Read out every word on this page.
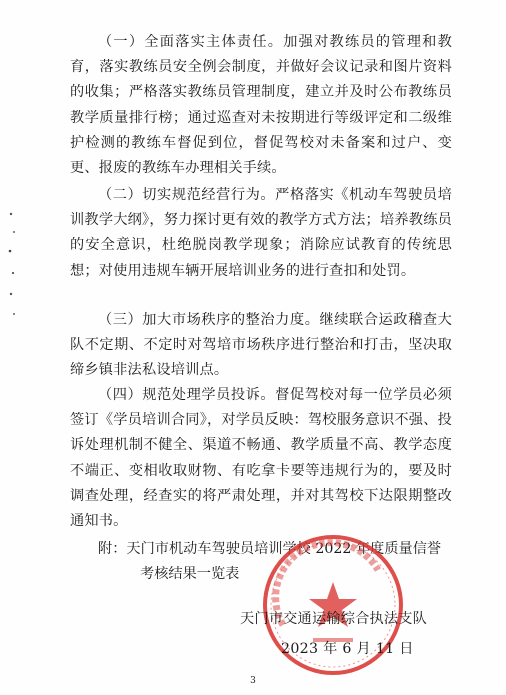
（一）全面落实主体责任。加强对教练员的管理和教育，落实教练员安全例会制度，并做好会议记录和图片资料的收集；严格落实教练员管理制度，建立并及时公布教练员教学质量排行榜；通过巡查对未按期进行等级评定和二级维护检测的教练车督促到位，督促驾校对未备案和过户、变更、报废的教练车办理相关手续。

（二）切实规范经营行为。严格落实《机动车驾驶员培训教学大纲》，努力探讨更有效的教学方式方法；培养教练员的安全意识，杜绝脱岗教学现象；消除应试教育的传统思想；对使用违规车辆开展培训业务的进行查扣和处罚。

（三）加大市场秩序的整治力度。继续联合运政稽查大队不定期、不定时对驾培市场秩序进行整治和打击，坚决取缔乡镇非法私设培训点。

（四）规范处理学员投诉。督促驾校对每一位学员必须签订《学员培训合同》，对学员反映：驾校服务意识不强、投诉处理机制不健全、渠道不畅通、教学质量不高、教学态度不端正、变相收取财物、有吃拿卡要等违规行为的，要及时调查处理，经查实的将严肃处理，并对其驾校下达限期整改通知书。

附：天门市机动车驾驶员培训学校 2022 年度质量信誉
考核结果一览表

天门市交通运输综合执法支队
2023 年 6 月 11 日
3
